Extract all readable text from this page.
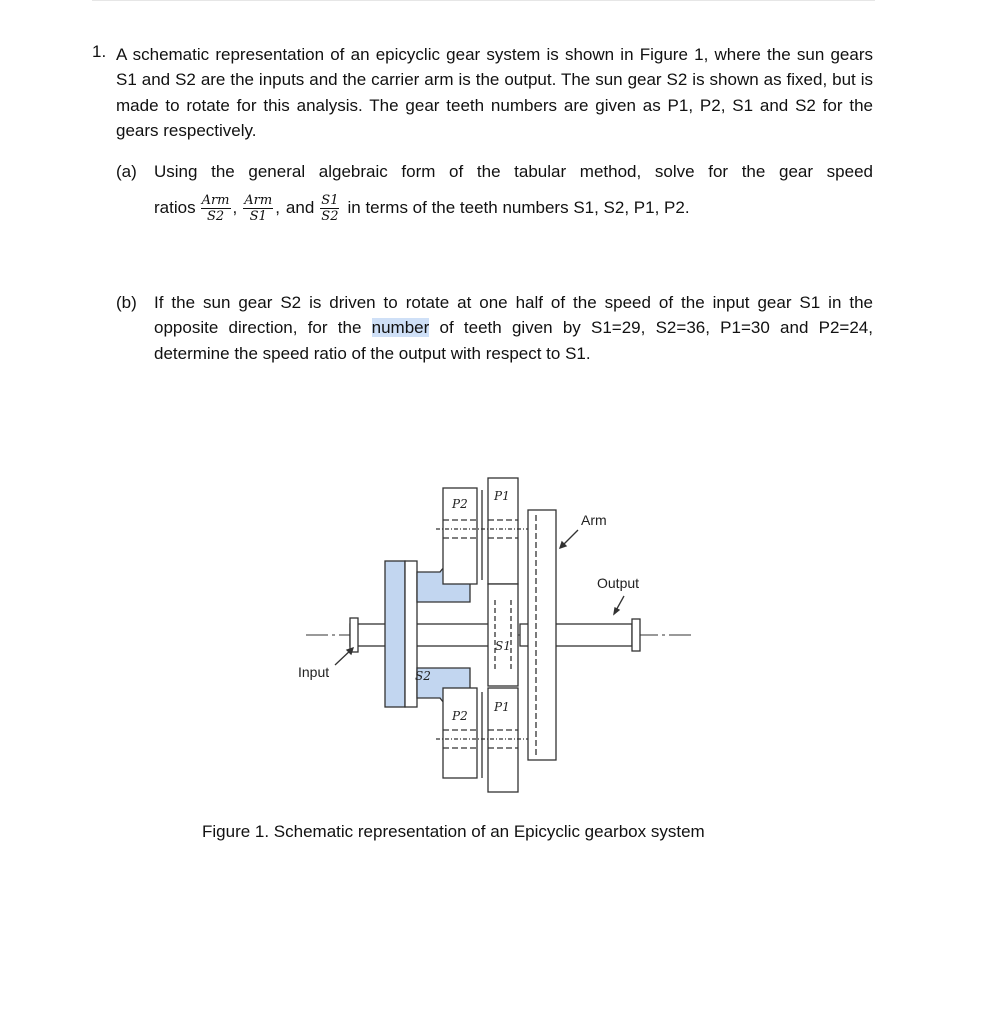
1. A schematic representation of an epicyclic gear system is shown in Figure 1, where the sun gears S1 and S2 are the inputs and the carrier arm is the output. The sun gear S2 is shown as fixed, but is made to rotate for this analysis. The gear teeth numbers are given as P1, P2, S1 and S2 for the gears respectively.
(a) Using the general algebraic form of the tabular method, solve for the gear speed
ratios $\frac{\text{Arm}}{S2}$ , $\frac{\text{Arm}}{S1}$ , and $\frac{S1}{S2}$ in terms of the teeth numbers S1, S2, P1, P2.
(b) If the sun gear S2 is driven to rotate at one half of the speed of the input gear S1 in the opposite direction, for the number of teeth given by S1=29, S2=36, P1=30 and P2=24, determine the speed ratio of the output with respect to S1.
P2
P1
Arm
Output
S1
Input	S2
P2
P1
Figure 1. Schematic representation of an Epicyclic gearbox system
